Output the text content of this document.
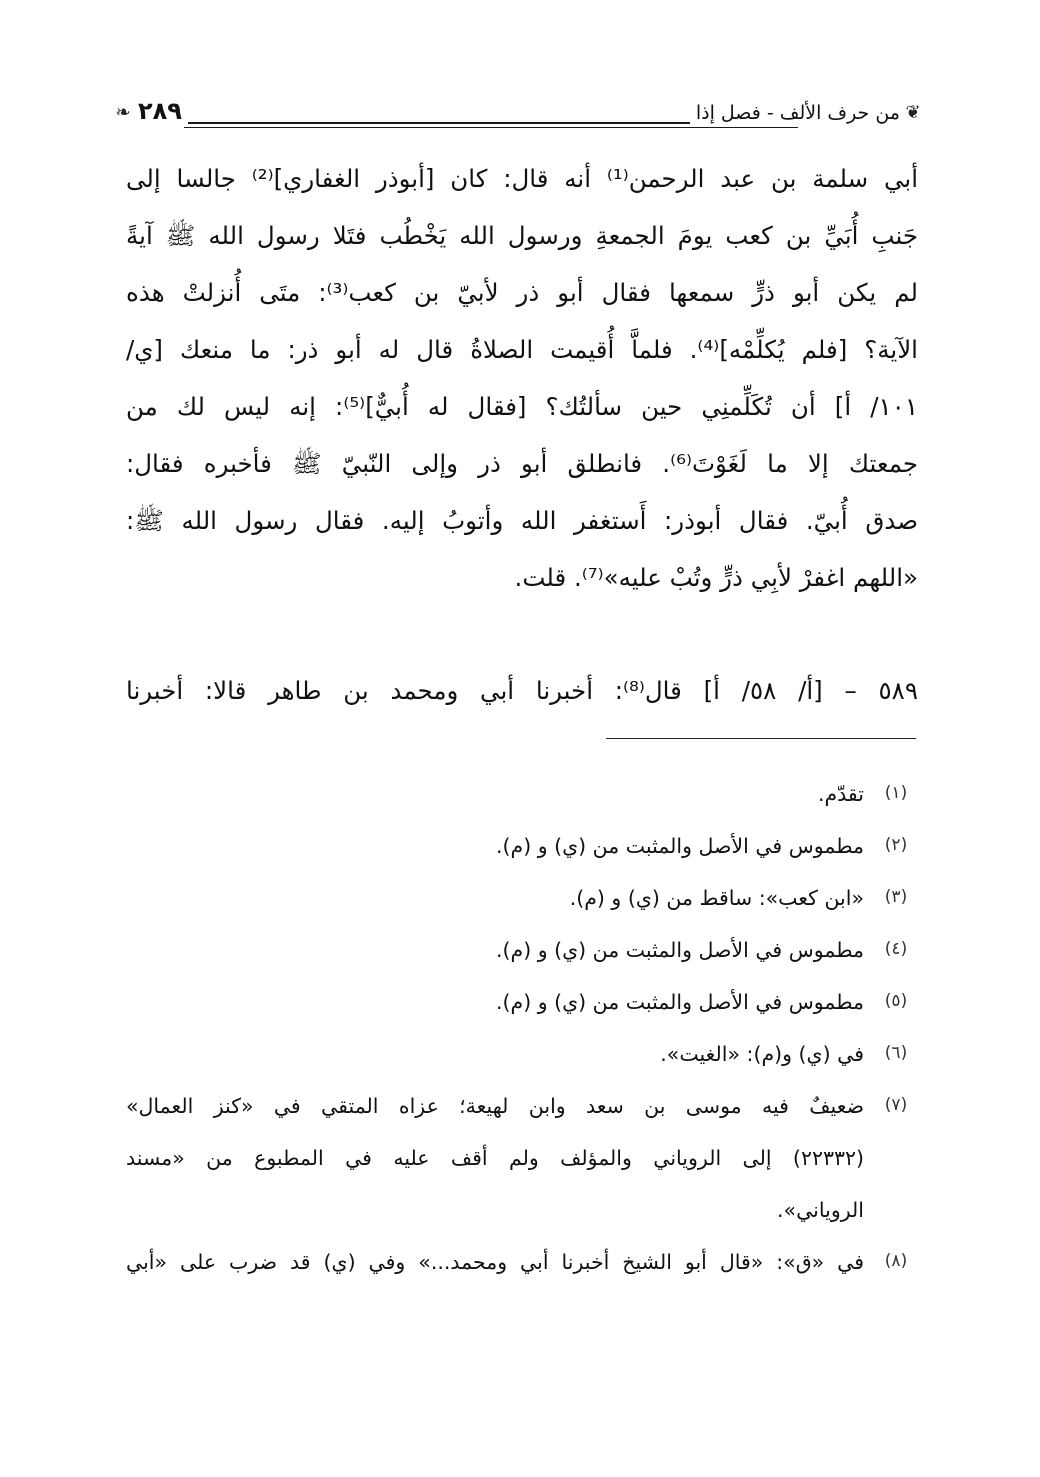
❦
من حرف الألف - فصل إذا
٢٨٩
❧
أبي سلمة بن عبد الرحمن⁽¹⁾ أنه قال: كان [أبوذر الغفاري]⁽²⁾ جالسا إلى
جَنبِ أُبَيِّ بن كعب يومَ الجمعةِ ورسول الله يَخْطُب فتَلا رسول الله ﷺ آيةً
لم يكن أبو ذرٍّ سمعها فقال أبو ذر لأبيّ بن كعب⁽³⁾: متَى أُنزلتْ هذه
الآية؟ [فلم يُكلِّمْه]⁽⁴⁾. فلماَّ أُقيمت الصلاةُ قال له أبو ذر: ما منعك [ي/
١٠١/ أ] أن تُكَلِّمنِي حين سألتُك؟ [فقال له أُبيٌّ]⁽⁵⁾: إنه ليس لك من
جمعتك إلا ما لَغَوْتَ⁽⁶⁾. فانطلق أبو ذر وإلى النّبيّ ﷺ فأخبره فقال:
صدق أُبيّ. فقال أبوذر: أَستغفر الله وأتوبُ إليه. فقال رسول الله ﷺ:
«اللهم اغفرْ لأبِي ذرٍّ وتُبْ عليه»⁽⁷⁾. قلت.
٥٨٩ – [أ/ ٥٨/ أ] قال⁽⁸⁾: أخبرنا أبي ومحمد بن طاهر قالا: أخبرنا
(١)
تقدّم.
(٢)
مطموس في الأصل والمثبت من (ي) و (م).
(٣)
«ابن كعب»: ساقط من (ي) و (م).
(٤)
مطموس في الأصل والمثبت من (ي) و (م).
(٥)
مطموس في الأصل والمثبت من (ي) و (م).
(٦)
في (ي) و(م): «الغيت».
(٧)
ضعيفٌ فيه موسى بن سعد وابن لهيعة؛ عزاه المتقي في «كنز العمال»
(٢٢٣٣٢) إلى الروياني والمؤلف ولم أقف عليه في المطبوع من «مسند
الروياني».
(٨)
في «ق»: «قال أبو الشيخ أخبرنا أبي ومحمد...» وفي (ي) قد ضرب على «أبي
